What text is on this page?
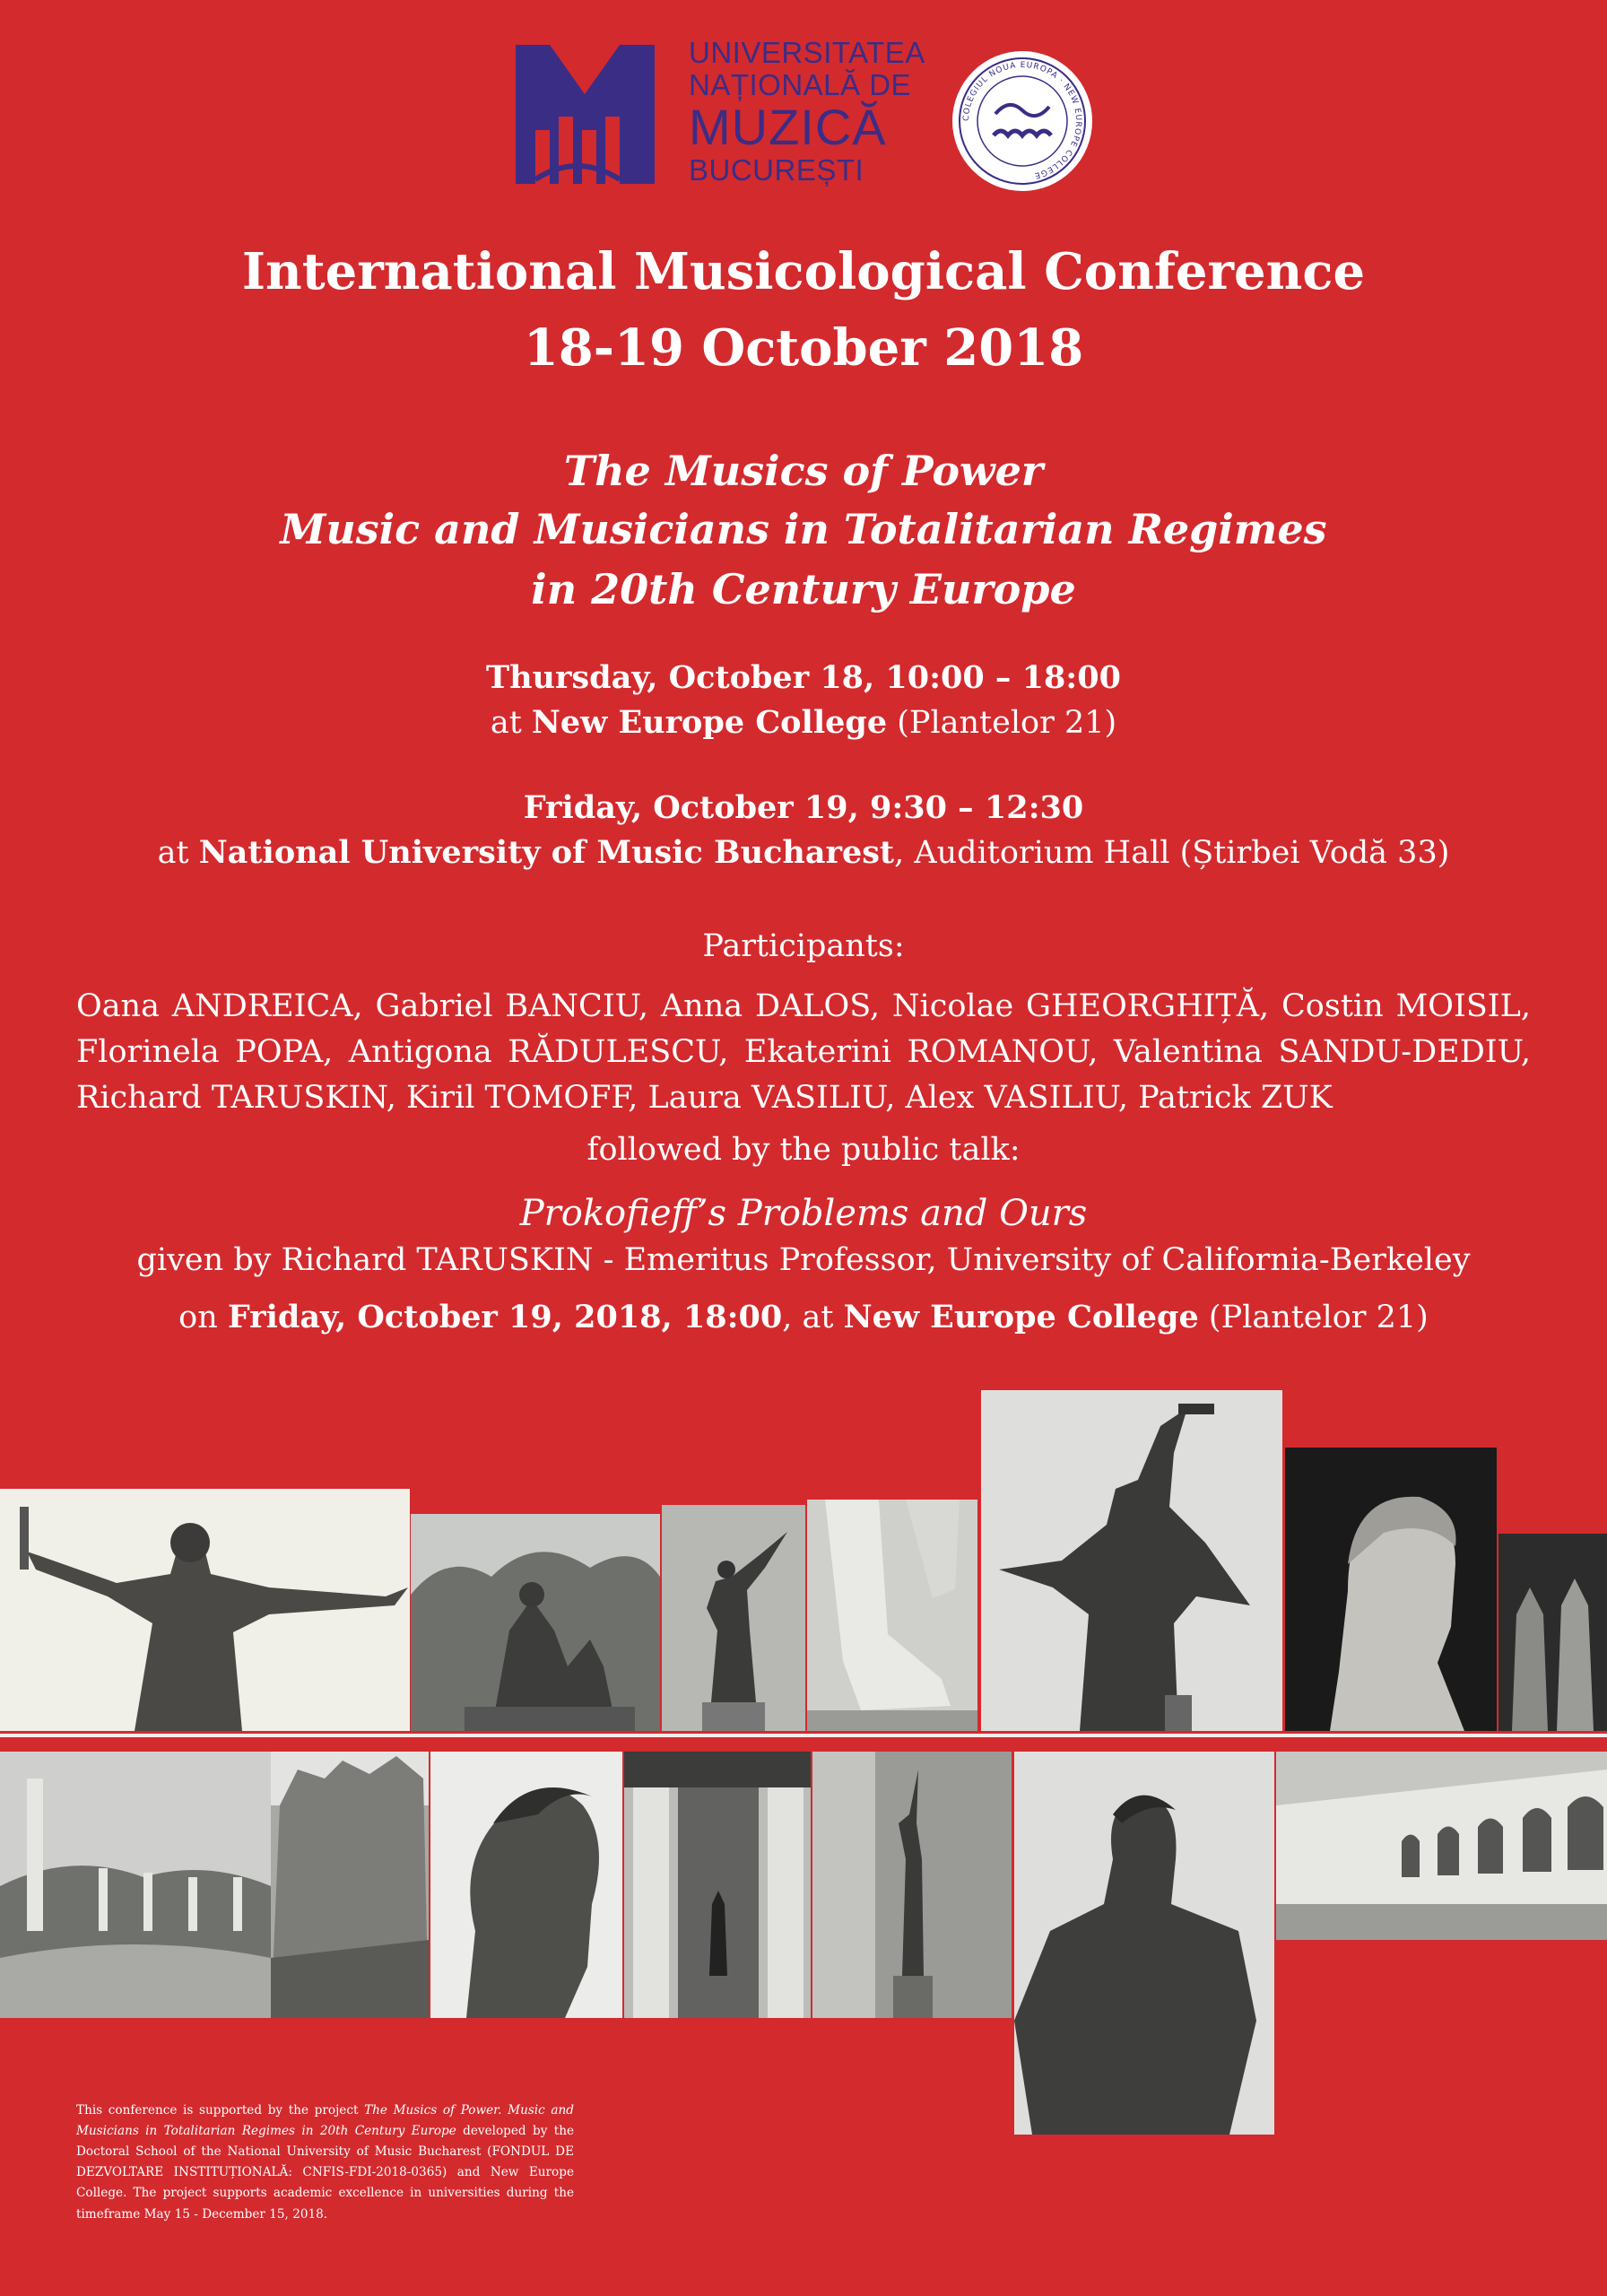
UNIVERSITATEA
NAȚIONALĂ DE
MUZICĂ
BUCUREȘTI
COLEGIUL NOUA EUROPA · NEW EUROPE COLLEGE
International Musicological Conference
18-19 October 2018
The Musics of Power
Music and Musicians in Totalitarian Regimes
in 20th Century Europe
Thursday, October 18, 10:00 – 18:00
at New Europe College (Plantelor 21)
Friday, October 19, 9:30 – 12:30
at National University of Music Bucharest, Auditorium Hall (Știrbei Vodă 33)
Participants:
Oana ANDREICA, Gabriel BANCIU, Anna DALOS, Nicolae GHEORGHIȚĂ, Costin MOISIL, Florinela POPA, Antigona RĂDULESCU, Ekaterini ROMANOU, Valentina SANDU-DEDIU, Richard TARUSKIN, Kiril TOMOFF, Laura VASILIU, Alex VASILIU, Patrick ZUK
followed by the public talk:
Prokofieff’s Problems and Ours
given by Richard TARUSKIN - Emeritus Professor, University of California-Berkeley
on Friday, October 19, 2018, 18:00, at New Europe College (Plantelor 21)
This conference is supported by the project The Musics of Power. Music and Musicians in Totalitarian Regimes in 20th Century Europe developed by the Doctoral School of the National University of Music Bucharest (FONDUL DE DEZVOLTARE INSTITUȚIONALĂ: CNFIS-FDI-2018-0365) and New Europe College. The project supports academic excellence in universities during the timeframe May 15 - December 15, 2018.
